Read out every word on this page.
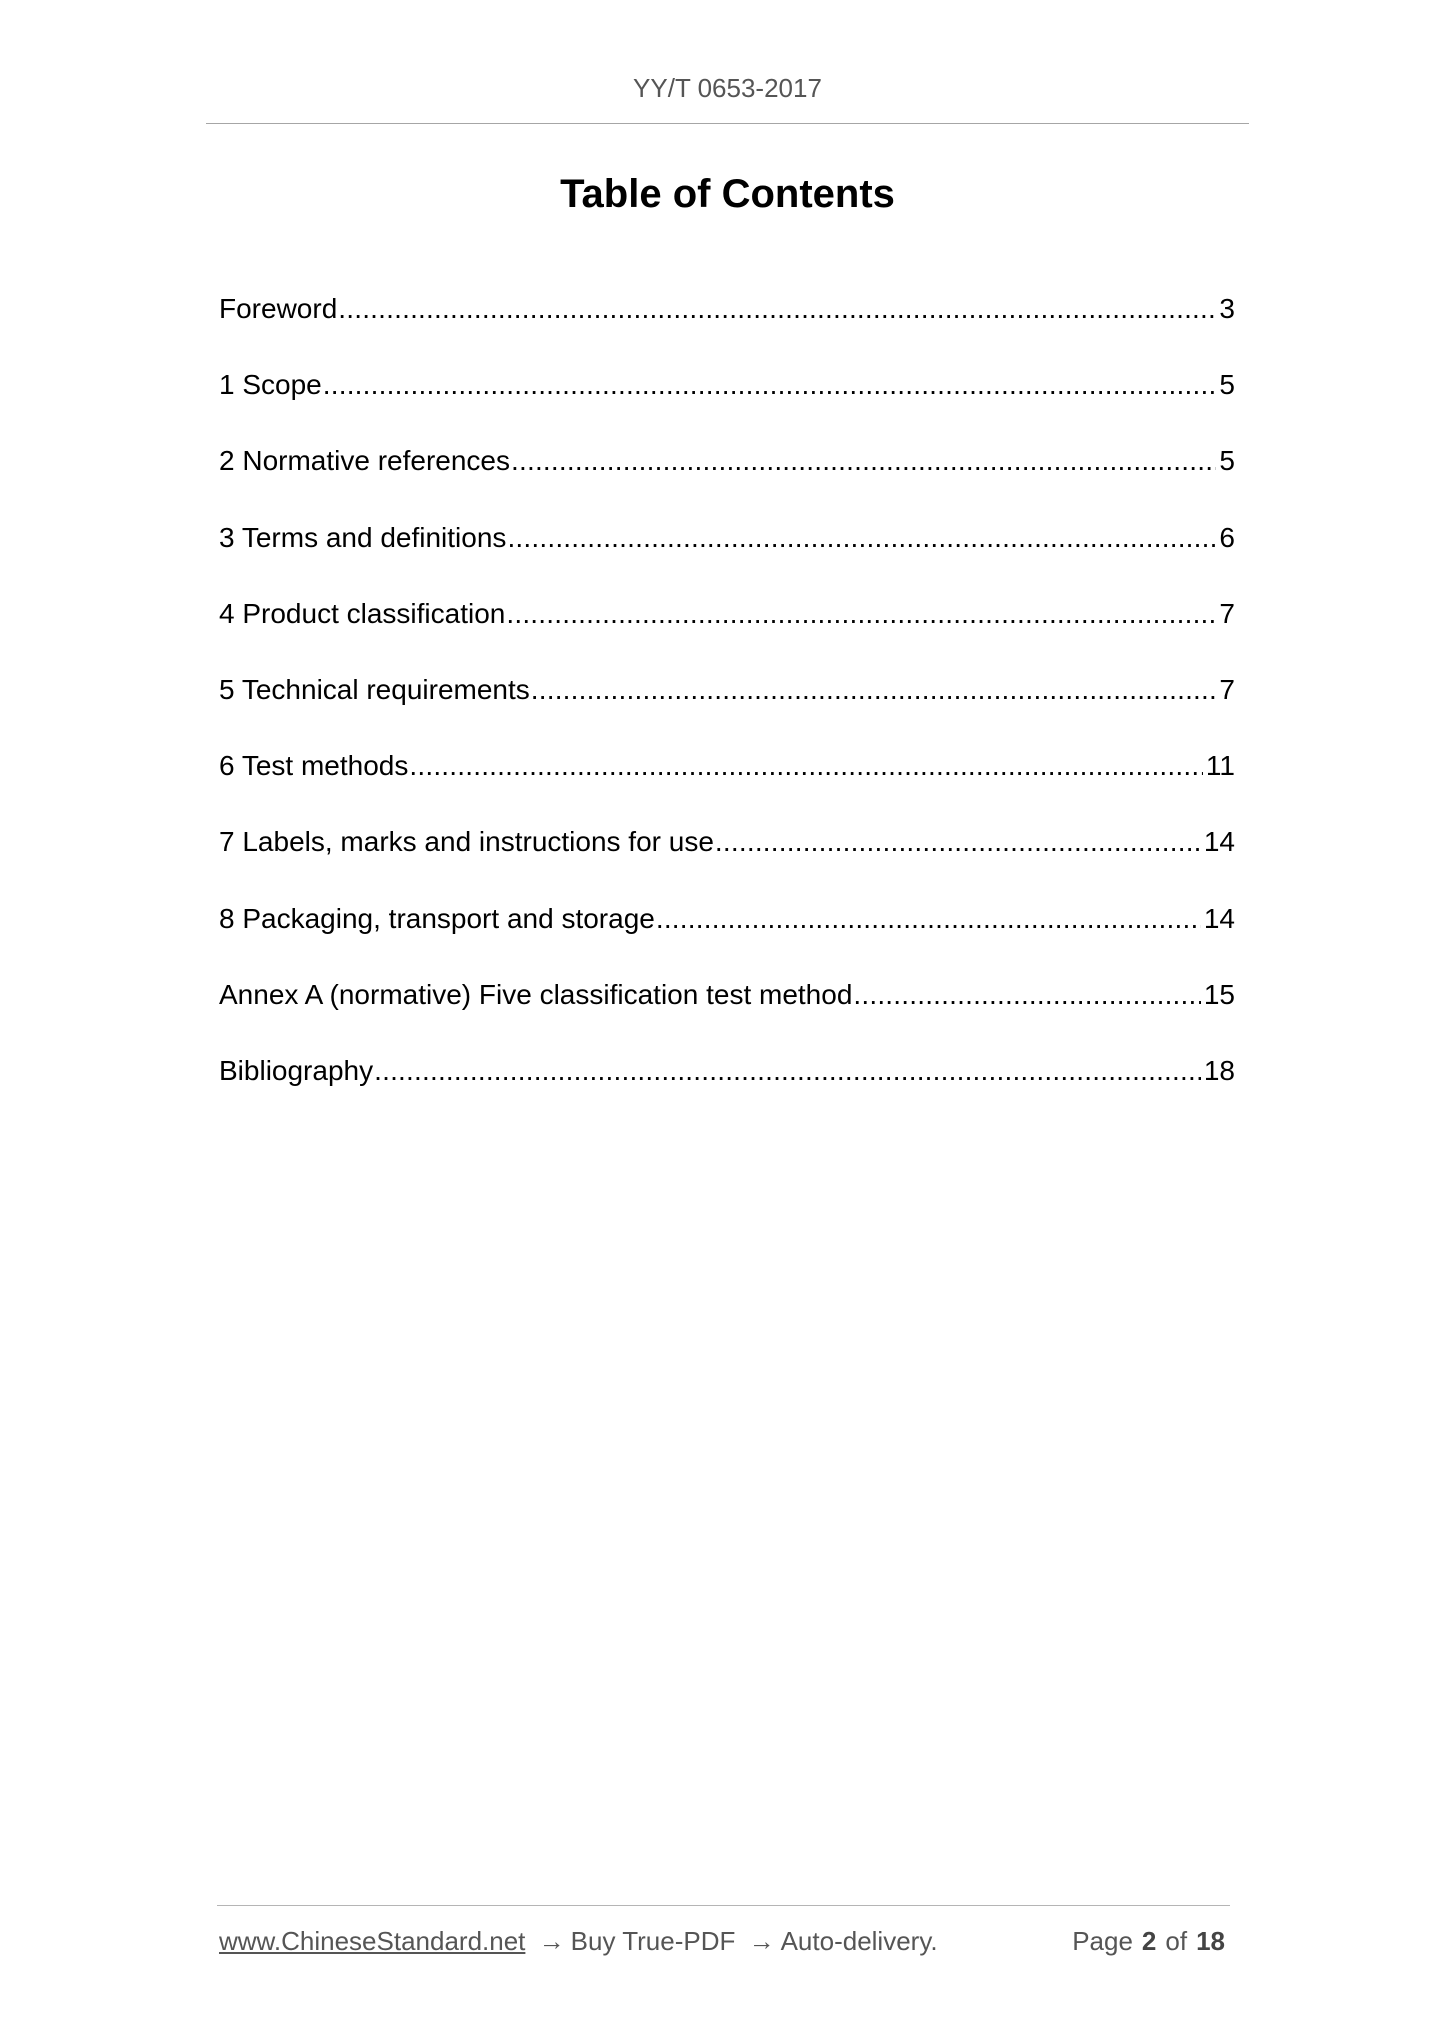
YY/T 0653-2017
Table of Contents
Foreword .....	3
1 Scope .....	5
2 Normative references .....	5
3 Terms and definitions .....	6
4 Product classification .....	7
5 Technical requirements .....	7
6 Test methods .....	11
7 Labels, marks and instructions for use .....	14
8 Packaging, transport and storage .....	14
Annex A (normative) Five classification test method .....	15
Bibliography .....	18
www.ChineseStandard.net → Buy True-PDF → Auto-delivery.	Page 2 of 18
